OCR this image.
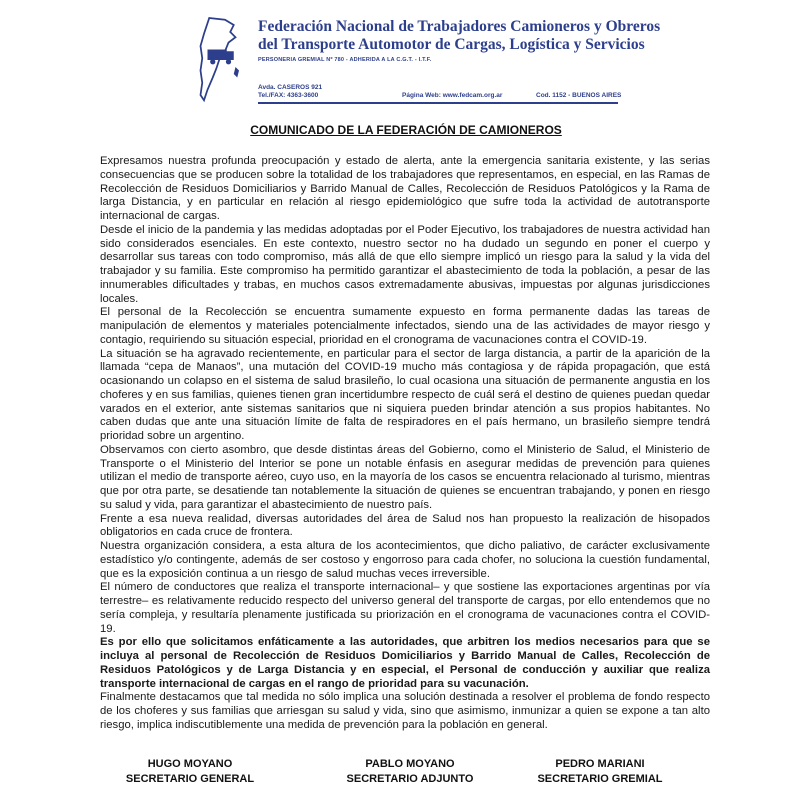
Federación Nacional de Trabajadores Camioneros y Obreros
del Transporte Automotor de Cargas, Logística y Servicios
PERSONERIA GREMIAL Nº 780 - ADHERIDA A LA C.G.T. - I.T.F.
Avda. CASEROS 921
Tel./FAX: 4363-3600	Página Web: www.fedcam.org.ar	Cod. 1152 - BUENOS AIRES
COMUNICADO DE LA FEDERACIÓN DE CAMIONEROS

Expresamos nuestra profunda preocupación y estado de alerta, ante la emergencia sanitaria existente, y las serias consecuencias que se producen sobre la totalidad de los trabajadores que representamos, en especial, en las Ramas de Recolección de Residuos Domiciliarios y Barrido Manual de Calles, Recolección de Residuos Patológicos y la Rama de larga Distancia, y en particular en relación al riesgo epidemiológico que sufre toda la actividad de autotransporte internacional de cargas.

Desde el inicio de la pandemia y las medidas adoptadas por el Poder Ejecutivo, los trabajadores de nuestra actividad han sido considerados esenciales. En este contexto, nuestro sector no ha dudado un segundo en poner el cuerpo y desarrollar sus tareas con todo compromiso, más allá de que ello siempre implicó un riesgo para la salud y la vida del trabajador y su familia. Este compromiso ha permitido garantizar el abastecimiento de toda la población, a pesar de las innumerables dificultades y trabas, en muchos casos extremadamente abusivas, impuestas por algunas jurisdicciones locales.

El personal de la Recolección se encuentra sumamente expuesto en forma permanente dadas las tareas de manipulación de elementos y materiales potencialmente infectados, siendo una de las actividades de mayor riesgo y contagio, requiriendo su situación especial, prioridad en el cronograma de vacunaciones contra el COVID-19.

La situación se ha agravado recientemente, en particular para el sector de larga distancia, a partir de la aparición de la llamada “cepa de Manaos”, una mutación del COVID-19 mucho más contagiosa y de rápida propagación, que está ocasionando un colapso en el sistema de salud brasileño, lo cual ocasiona una situación de permanente angustia en los choferes y en sus familias, quienes tienen gran incertidumbre respecto de cuál será el destino de quienes puedan quedar varados en el exterior, ante sistemas sanitarios que ni siquiera pueden brindar atención a sus propios habitantes. No caben dudas que ante una situación límite de falta de respiradores en el país hermano, un brasileño siempre tendrá prioridad sobre un argentino.

Observamos con cierto asombro, que desde distintas áreas del Gobierno, como el Ministerio de Salud, el Ministerio de Transporte o el Ministerio del Interior se pone un notable énfasis en asegurar medidas de prevención para quienes utilizan el medio de transporte aéreo, cuyo uso, en la mayoría de los casos se encuentra relacionado al turismo, mientras que por otra parte, se desatiende tan notablemente la situación de quienes se encuentran trabajando, y ponen en riesgo su salud y vida, para garantizar el abastecimiento de nuestro país.

Frente a esa nueva realidad, diversas autoridades del área de Salud nos han propuesto la realización de hisopados obligatorios en cada cruce de frontera.

Nuestra organización considera, a esta altura de los acontecimientos, que dicho paliativo, de carácter exclusivamente estadístico y/o contingente, además de ser costoso y engorroso para cada chofer, no soluciona la cuestión fundamental, que es la exposición continua a un riesgo de salud muchas veces irreversible.

El número de conductores que realiza el transporte internacional– y que sostiene las exportaciones argentinas por vía terrestre– es relativamente reducido respecto del universo general del transporte de cargas, por ello entendemos que no sería compleja, y resultaría plenamente justificada su priorización en el cronograma de vacunaciones contra el COVID-19.

Es por ello que solicitamos enfáticamente a las autoridades, que arbitren los medios necesarios para que se incluya al personal de Recolección de Residuos Domiciliarios y Barrido Manual de Calles, Recolección de Residuos Patológicos y de Larga Distancia y en especial, el Personal de conducción y auxiliar que realiza transporte internacional de cargas en el rango de prioridad para su vacunación.

Finalmente destacamos que tal medida no sólo implica una solución destinada a resolver el problema de fondo respecto de los choferes y sus familias que arriesgan su salud y vida, sino que asimismo, inmunizar a quien se expone a tan alto riesgo, implica indiscutiblemente una medida de prevención para la población en general.

HUGO MOYANO
SECRETARIO GENERAL
PABLO MOYANO
SECRETARIO ADJUNTO
PEDRO MARIANI
SECRETARIO GREMIAL
